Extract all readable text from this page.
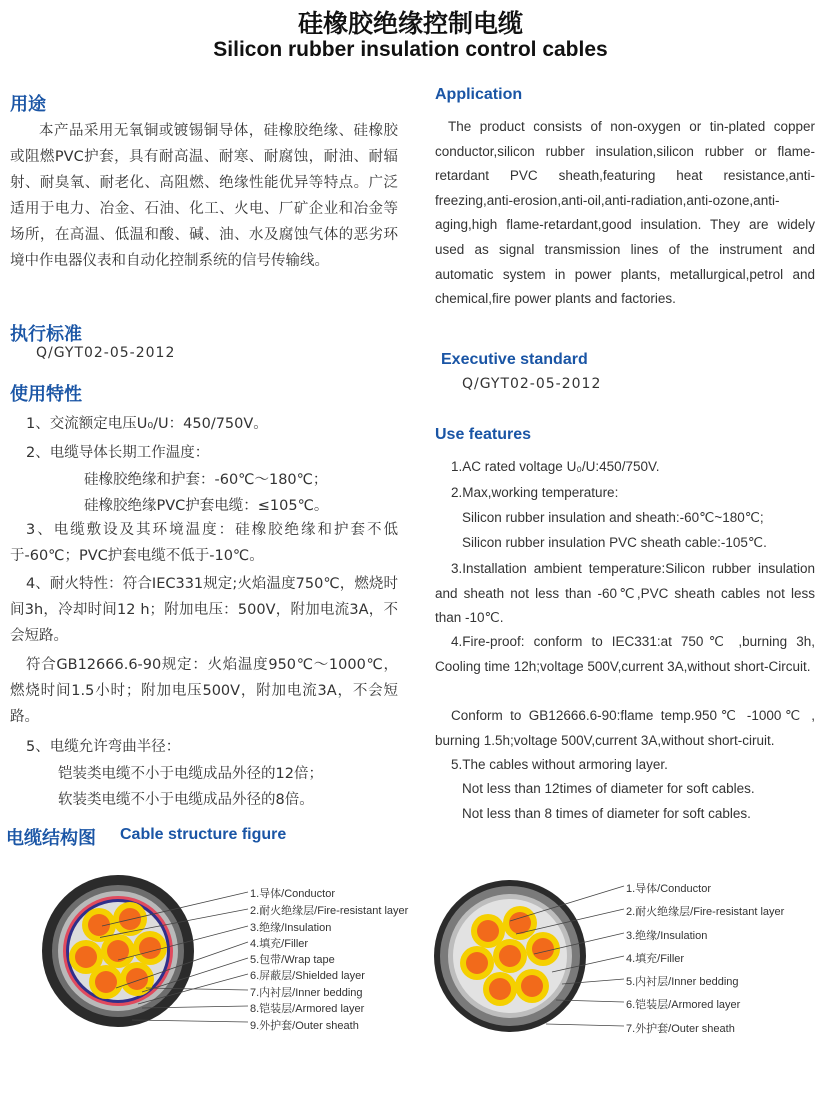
硅橡胶绝缘控制电缆
Silicon rubber insulation control cables
用途
本产品采用无氧铜或镀锡铜导体，硅橡胶绝缘、硅橡胶或阻燃PVC护套，具有耐高温、耐寒、耐腐蚀，耐油、耐辐射、耐臭氧、耐老化、高阻燃、绝缘性能优异等特点。广泛适用于电力、冶金、石油、化工、火电、厂矿企业和冶金等场所，在高温、低温和酸、碱、油、水及腐蚀气体的恶劣环境中作电器仪表和自动化控制系统的信号传输线。
执行标准
Q/GYT02-05-2012
使用特性
1、交流额定电压U₀/U：450/750V。
2、电缆导体长期工作温度：
硅橡胶绝缘和护套：-60℃～180℃；
硅橡胶绝缘PVC护套电缆：≤105℃。
3、电缆敷设及其环境温度：硅橡胶绝缘和护套不低于-60℃；PVC护套电缆不低于-10℃。
4、耐火特性：符合IEC331规定;火焰温度750℃，燃烧时间3h，冷却时间12 h；附加电压：500V，附加电流3A，不会短路。
符合GB12666.6-90规定：火焰温度950℃～1000℃，燃烧时间1.5小时；附加电压500V，附加电流3A，不会短路。
5、电缆允许弯曲半径：
铠装类电缆不小于电缆成品外径的12倍；
软装类电缆不小于电缆成品外径的8倍。
Application
The product consists of non-oxygen or tin-plated copper conductor,silicon rubber insulation,silicon rubber or flame-retardant PVC sheath,featuring heat resistance,anti-freezing,anti-erosion,anti-oil,anti-radiation,anti-ozone,anti-aging,high flame-retardant,good insulation. They are widely used as signal transmission lines of the instrument and automatic system in power plants, metallurgical,petrol and chemical,fire power plants and factories.
Executive standard
Q/GYT02-05-2012
Use features
1.AC rated voltage U₀/U:450/750V.
2.Max,working temperature:
Silicon rubber insulation and sheath:-60℃~180℃;
Silicon rubber insulation PVC sheath cable:-105℃.
3.Installation ambient temperature:Silicon rubber insulation and sheath not less than -60℃,PVC sheath cables not less than -10℃.
4.Fire-proof: conform to IEC331:at 750℃ ,burning 3h, Cooling time 12h;voltage 500V,current 3A,without short-Circuit.
Conform to GB12666.6-90:flame temp.950℃ -1000℃ , burning 1.5h;voltage 500V,current 3A,without short-ciruit.
5.The cables without armoring layer.
Not less than 12times of diameter for soft cables.
Not less than 8 times of diameter for soft cables.
电缆结构图 Cable structure figure
1.导体/Conductor
2.耐火绝缘层/Fire-resistant layer
3.绝缘/Insulation
4.填充/Filler
5.包带/Wrap tape
6.屏蔽层/Shielded layer
7.内衬层/Inner bedding
8.铠装层/Armored layer
9.外护套/Outer sheath
1.导体/Conductor
2.耐火绝缘层/Fire-resistant layer
3.绝缘/Insulation
4.填充/Filler
5.内衬层/Inner bedding
6.铠装层/Armored layer
7.外护套/Outer sheath
